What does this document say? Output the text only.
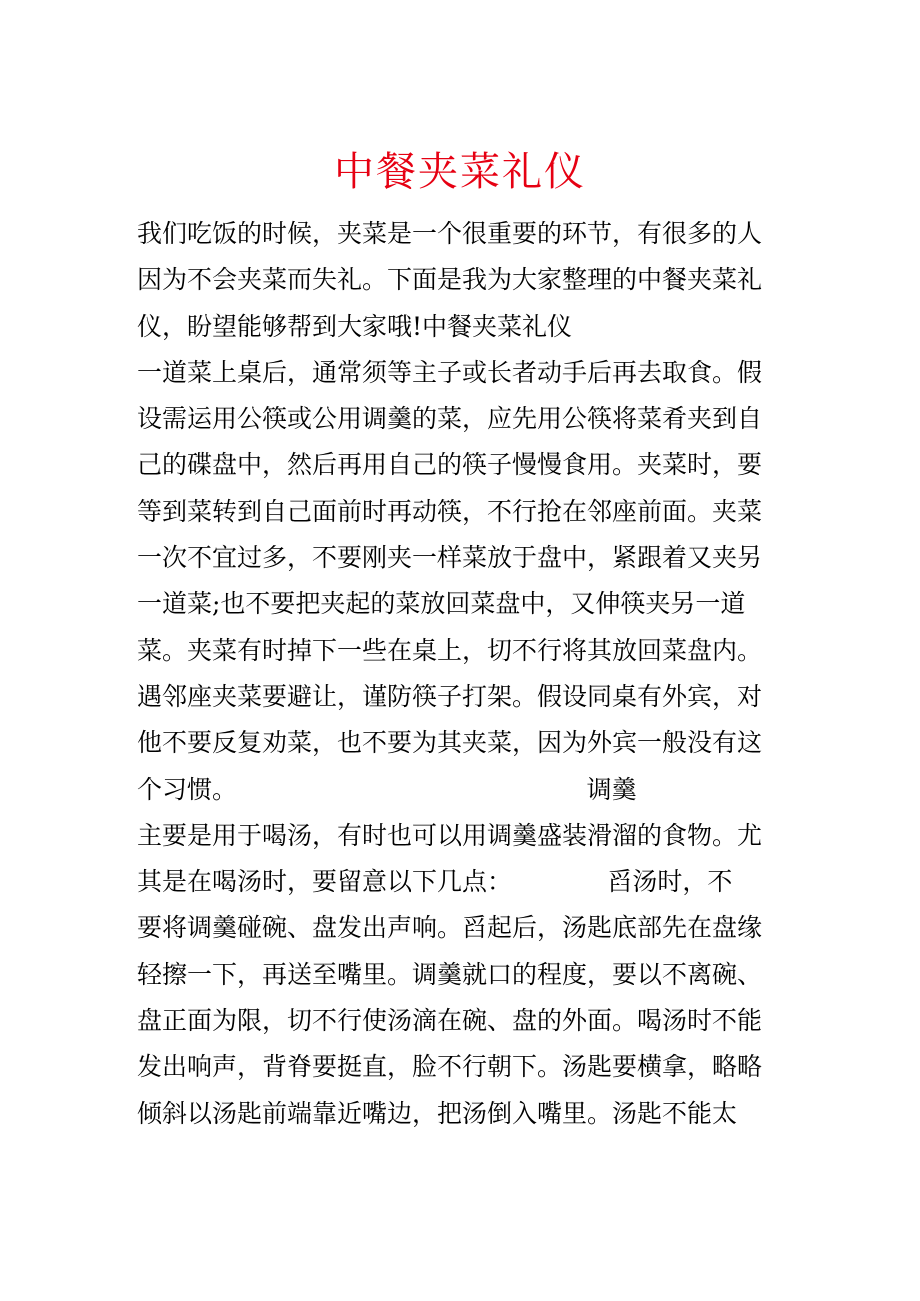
中餐夹菜礼仪
我们吃饭的时候，夹菜是一个很重要的环节，有很多的人
因为不会夹菜而失礼。下面是我为大家整理的中餐夹菜礼
仪，盼望能够帮到大家哦!中餐夹菜礼仪
一道菜上桌后，通常须等主子或长者动手后再去取食。假
设需运用公筷或公用调羹的菜，应先用公筷将菜肴夹到自
己的碟盘中，然后再用自己的筷子慢慢食用。夹菜时，要
等到菜转到自己面前时再动筷，不行抢在邻座前面。夹菜
一次不宜过多，不要刚夹一样菜放于盘中，紧跟着又夹另
一道菜;也不要把夹起的菜放回菜盘中，又伸筷夹另一道
菜。夹菜有时掉下一些在桌上，切不行将其放回菜盘内。
遇邻座夹菜要避让，谨防筷子打架。假设同桌有外宾，对
他不要反复劝菜，也不要为其夹菜，因为外宾一般没有这
个习惯。                                            调羹
主要是用于喝汤，有时也可以用调羹盛装滑溜的食物。尤
其是在喝汤时，要留意以下几点：            舀汤时，不
要将调羹碰碗、盘发出声响。舀起后，汤匙底部先在盘缘
轻擦一下，再送至嘴里。调羹就口的程度，要以不离碗、
盘正面为限，切不行使汤滴在碗、盘的外面。喝汤时不能
发出响声，背脊要挺直，脸不行朝下。汤匙要横拿，略略
倾斜以汤匙前端靠近嘴边，把汤倒入嘴里。汤匙不能太
